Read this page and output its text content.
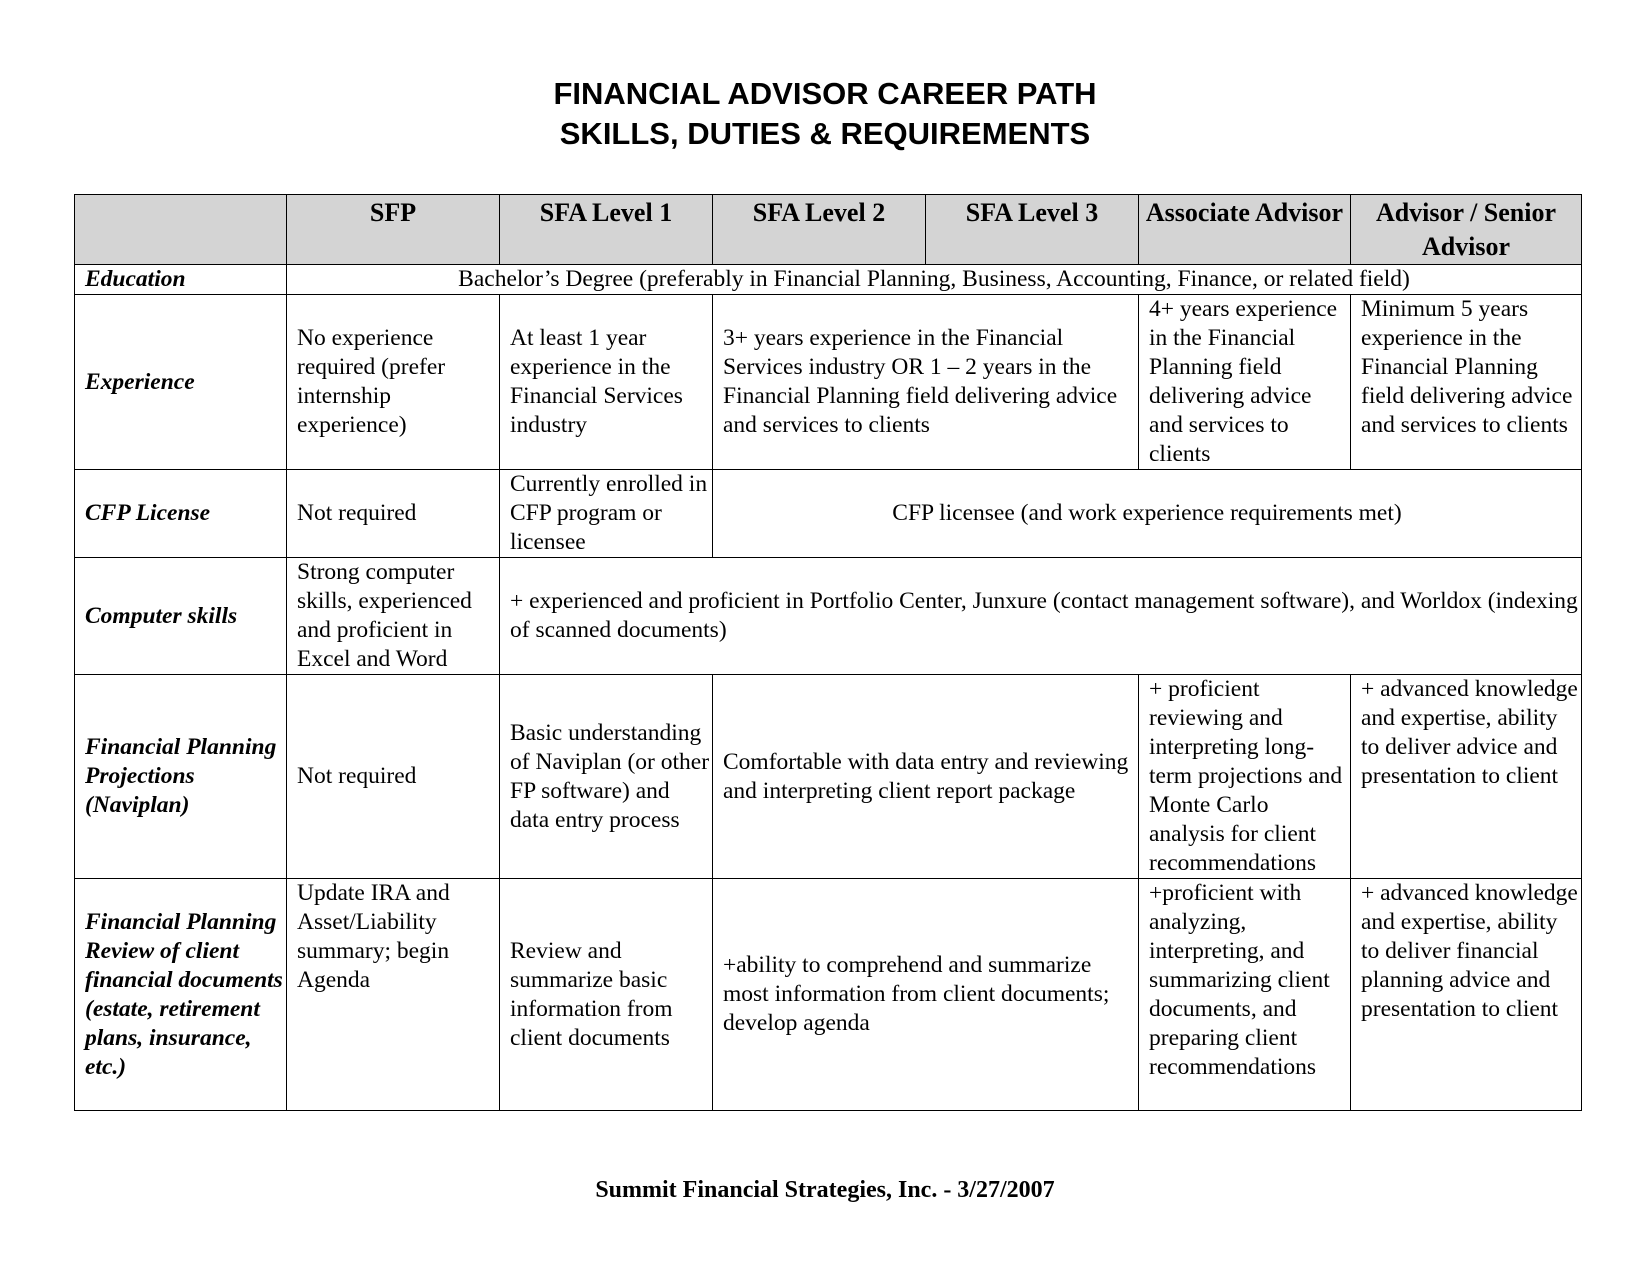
FINANCIAL ADVISOR CAREER PATH
SKILLS, DUTIES & REQUIREMENTS
	SFP	SFA Level 1	SFA Level 2	SFA Level 3	Associate Advisor	Advisor / Senior Advisor
Education	Bachelor’s Degree (preferably in Financial Planning, Business, Accounting, Finance, or related field)					
Experience	No experience required (prefer internship experience)	At least 1 year experience in the Financial Services industry	3+ years experience in the Financial Services industry OR 1 – 2 years in the Financial Planning field delivering advice and services to clients		4+ years experience in the Financial Planning field delivering advice and services to clients	Minimum 5 years experience in the Financial Planning field delivering advice and services to clients
CFP License	Not required	Currently enrolled in CFP program or licensee	CFP licensee (and work experience requirements met)			
Computer skills	Strong computer skills, experienced and proficient in Excel and Word	+ experienced and proficient in Portfolio Center, Junxure (contact management software), and Worldox (indexing of scanned documents)				
Financial Planning Projections (Naviplan)	Not required	Basic understanding of Naviplan (or other FP software) and data entry process	Comfortable with data entry and reviewing and interpreting client report package		+ proficient reviewing and interpreting long-term projections and Monte Carlo analysis for client recommendations	+ advanced knowledge and expertise, ability to deliver advice and presentation to client
Financial Planning Review of client financial documents (estate, retirement plans, insurance, etc.)	Update IRA and Asset/Liability summary; begin Agenda	Review and summarize basic information from client documents	+ability to comprehend and summarize most information from client documents; develop agenda		+proficient with analyzing, interpreting, and summarizing client documents, and preparing client recommendations	+ advanced knowledge and expertise, ability to deliver financial planning advice and presentation to client
Summit Financial Strategies, Inc. - 3/27/2007
